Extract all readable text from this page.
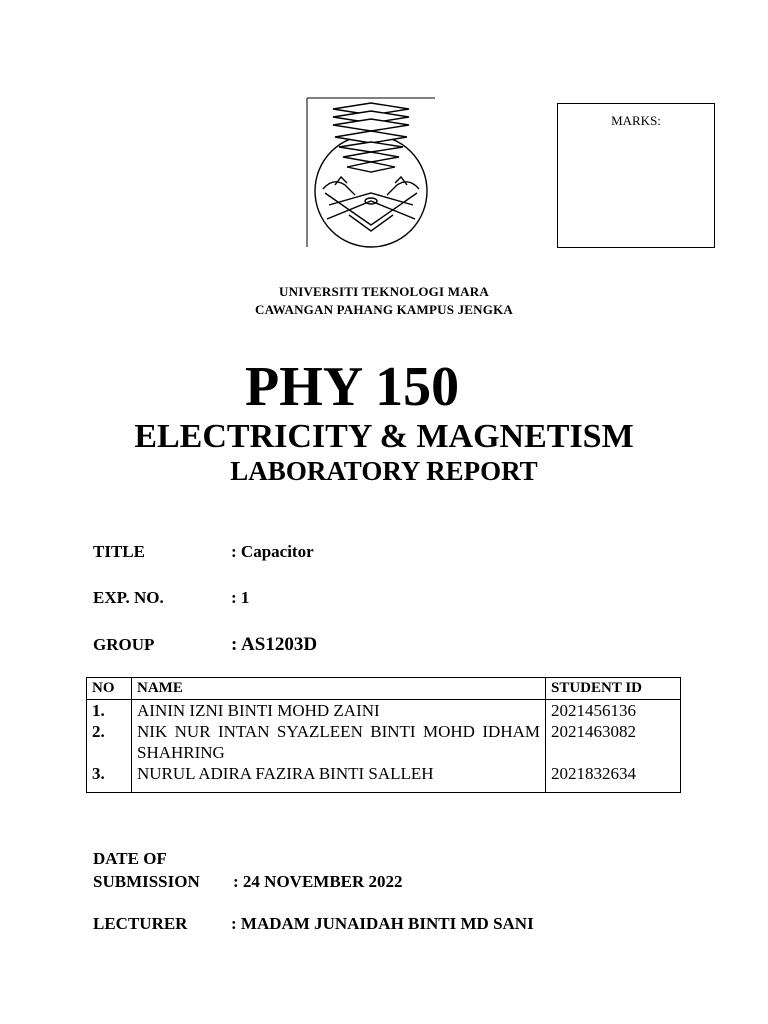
MARKS:
UNIVERSITI TEKNOLOGI MARA
CAWANGAN PAHANG KAMPUS JENGKA
PHY 150
ELECTRICITY & MAGNETISM
LABORATORY REPORT
TITLE	: Capacitor
EXP. NO.	: 1
GROUP	: AS1203D
NO	NAME	STUDENT ID
1.	AININ IZNI BINTI MOHD ZAINI	2021456136
2.	NIK NUR INTAN SYAZLEEN BINTI MOHD IDHAM SHAHRING	2021463082
3.	NURUL ADIRA FAZIRA BINTI SALLEH	2021832634
DATE OF
SUBMISSION : 24 NOVEMBER 2022
LECTURER	: MADAM JUNAIDAH BINTI MD SANI
